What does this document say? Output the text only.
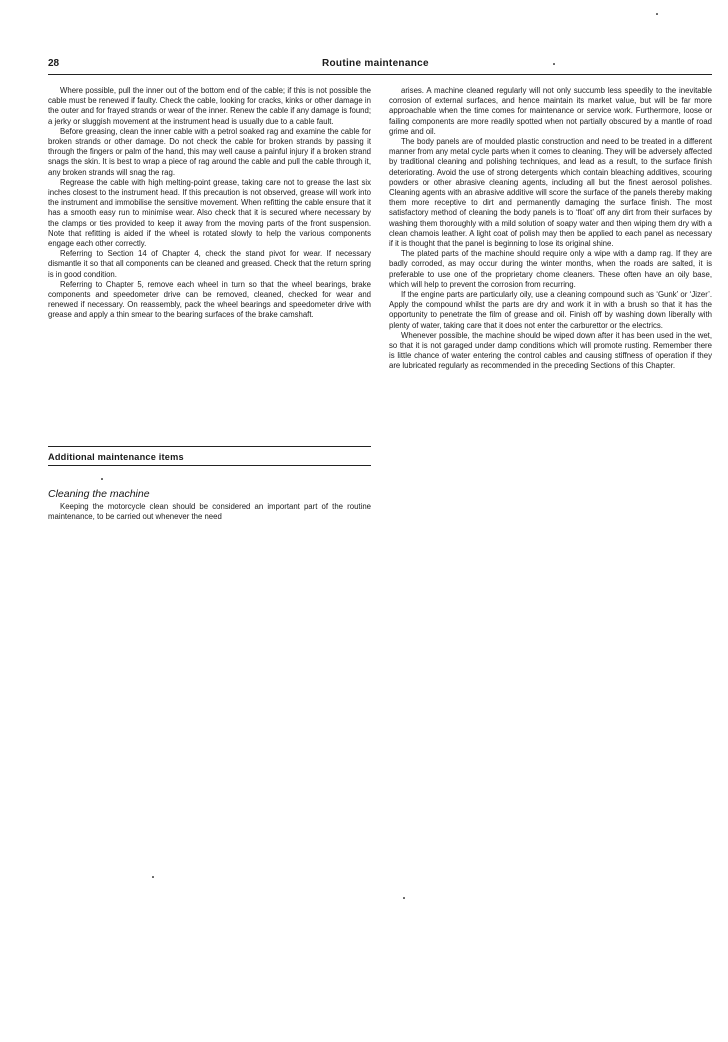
28	Routine maintenance

Where possible, pull the inner out of the bottom end of the cable; if this is not possible the cable must be renewed if faulty. Check the cable, looking for cracks, kinks or other damage in the outer and for frayed strands or wear of the inner. Renew the cable if any damage is found; a jerky or sluggish movement at the instrument head is usually due to a cable fault.

Before greasing, clean the inner cable with a petrol soaked rag and examine the cable for broken strands or other damage. Do not check the cable for broken strands by passing it through the fingers or palm of the hand, this may well cause a painful injury if a broken strand snags the skin. It is best to wrap a piece of rag around the cable and pull the cable through it, any broken strands will snag the rag.

Regrease the cable with high melting-point grease, taking care not to grease the last six inches closest to the instrument head. If this precaution is not observed, grease will work into the instrument and immobilise the sensitive movement. When refitting the cable ensure that it has a smooth easy run to minimise wear. Also check that it is secured where necessary by the clamps or ties provided to keep it away from the moving parts of the front suspension. Note that refitting is aided if the wheel is rotated slowly to help the various components engage each other correctly.

Referring to Section 14 of Chapter 4, check the stand pivot for wear. If necessary dismantle it so that all components can be cleaned and greased. Check that the return spring is in good condition.

Referring to Chapter 5, remove each wheel in turn so that the wheel bearings, brake components and speedometer drive can be removed, cleaned, checked for wear and renewed if necessary. On reassembly, pack the wheel bearings and speedometer drive with grease and apply a thin smear to the bearing surfaces of the brake camshaft.

Additional maintenance items
Cleaning the machine

Keeping the motorcycle clean should be considered an important part of the routine maintenance, to be carried out whenever the need

arises. A machine cleaned regularly will not only succumb less speedily to the inevitable corrosion of external surfaces, and hence maintain its market value, but will be far more approachable when the time comes for maintenance or service work. Furthermore, loose or failing components are more readily spotted when not partially obscured by a mantle of road grime and oil.

The body panels are of moulded plastic construction and need to be treated in a different manner from any metal cycle parts when it comes to cleaning. They will be adversely affected by traditional cleaning and polishing techniques, and lead as a result, to the surface finish deteriorating. Avoid the use of strong detergents which contain bleaching additives, scouring powders or other abrasive cleaning agents, including all but the finest aerosol polishes. Cleaning agents with an abrasive additive will score the surface of the panels thereby making them more receptive to dirt and permanently damaging the surface finish. The most satisfactory method of cleaning the body panels is to ‘float’ off any dirt from their surfaces by washing them thoroughly with a mild solution of soapy water and then wiping them dry with a clean chamois leather. A light coat of polish may then be applied to each panel as necessary if it is thought that the panel is beginning to lose its original shine.

The plated parts of the machine should require only a wipe with a damp rag. If they are badly corroded, as may occur during the winter months, when the roads are salted, it is preferable to use one of the proprietary chome cleaners. These often have an oily base, which will help to prevent the corrosion from recurring.

If the engine parts are particularly oily, use a cleaning compound such as ‘Gunk’ or ‘Jizer’. Apply the compound whilst the parts are dry and work it in with a brush so that it has the opportunity to penetrate the film of grease and oil. Finish off by washing down liberally with plenty of water, taking care that it does not enter the carburettor or the electrics.

Whenever possible, the machine should be wiped down after it has been used in the wet, so that it is not garaged under damp conditions which will promote rusting. Remember there is little chance of water entering the control cables and causing stiffness of operation if they are lubricated regularly as recommended in the preceding Sections of this Chapter.
